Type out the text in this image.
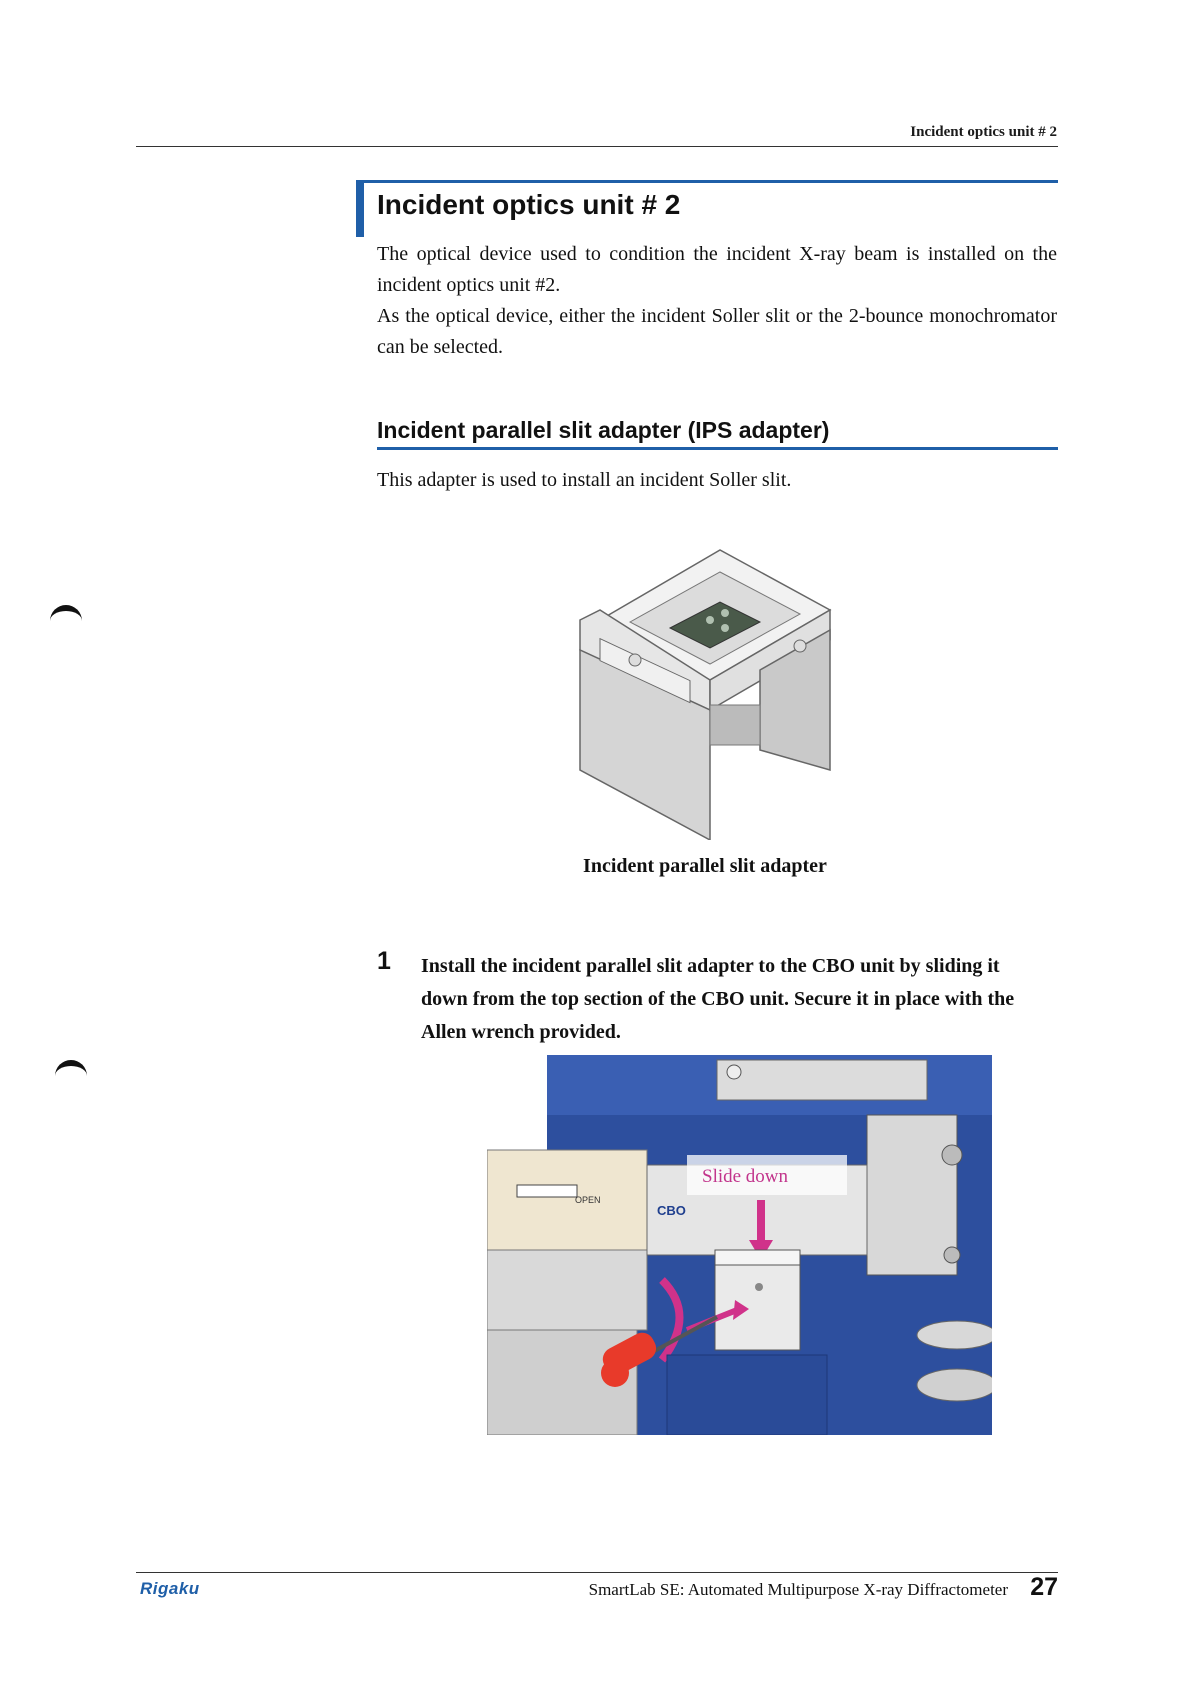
Incident optics unit # 2
Incident optics unit # 2
The optical device used to condition the incident X-ray beam is installed on the incident optics unit #2.
As the optical device, either the incident Soller slit or the 2-bounce monochromator can be selected.
Incident parallel slit adapter (IPS adapter)
This adapter is used to install an incident Soller slit.
Incident parallel slit adapter
1 Install the incident parallel slit adapter to the CBO unit by sliding it down from the top section of the CBO unit. Secure it in place with the Allen wrench provided.
OPEN
CBO
Slide down
Rigaku	SmartLab SE: Automated Multipurpose X-ray Diffractometer 27
